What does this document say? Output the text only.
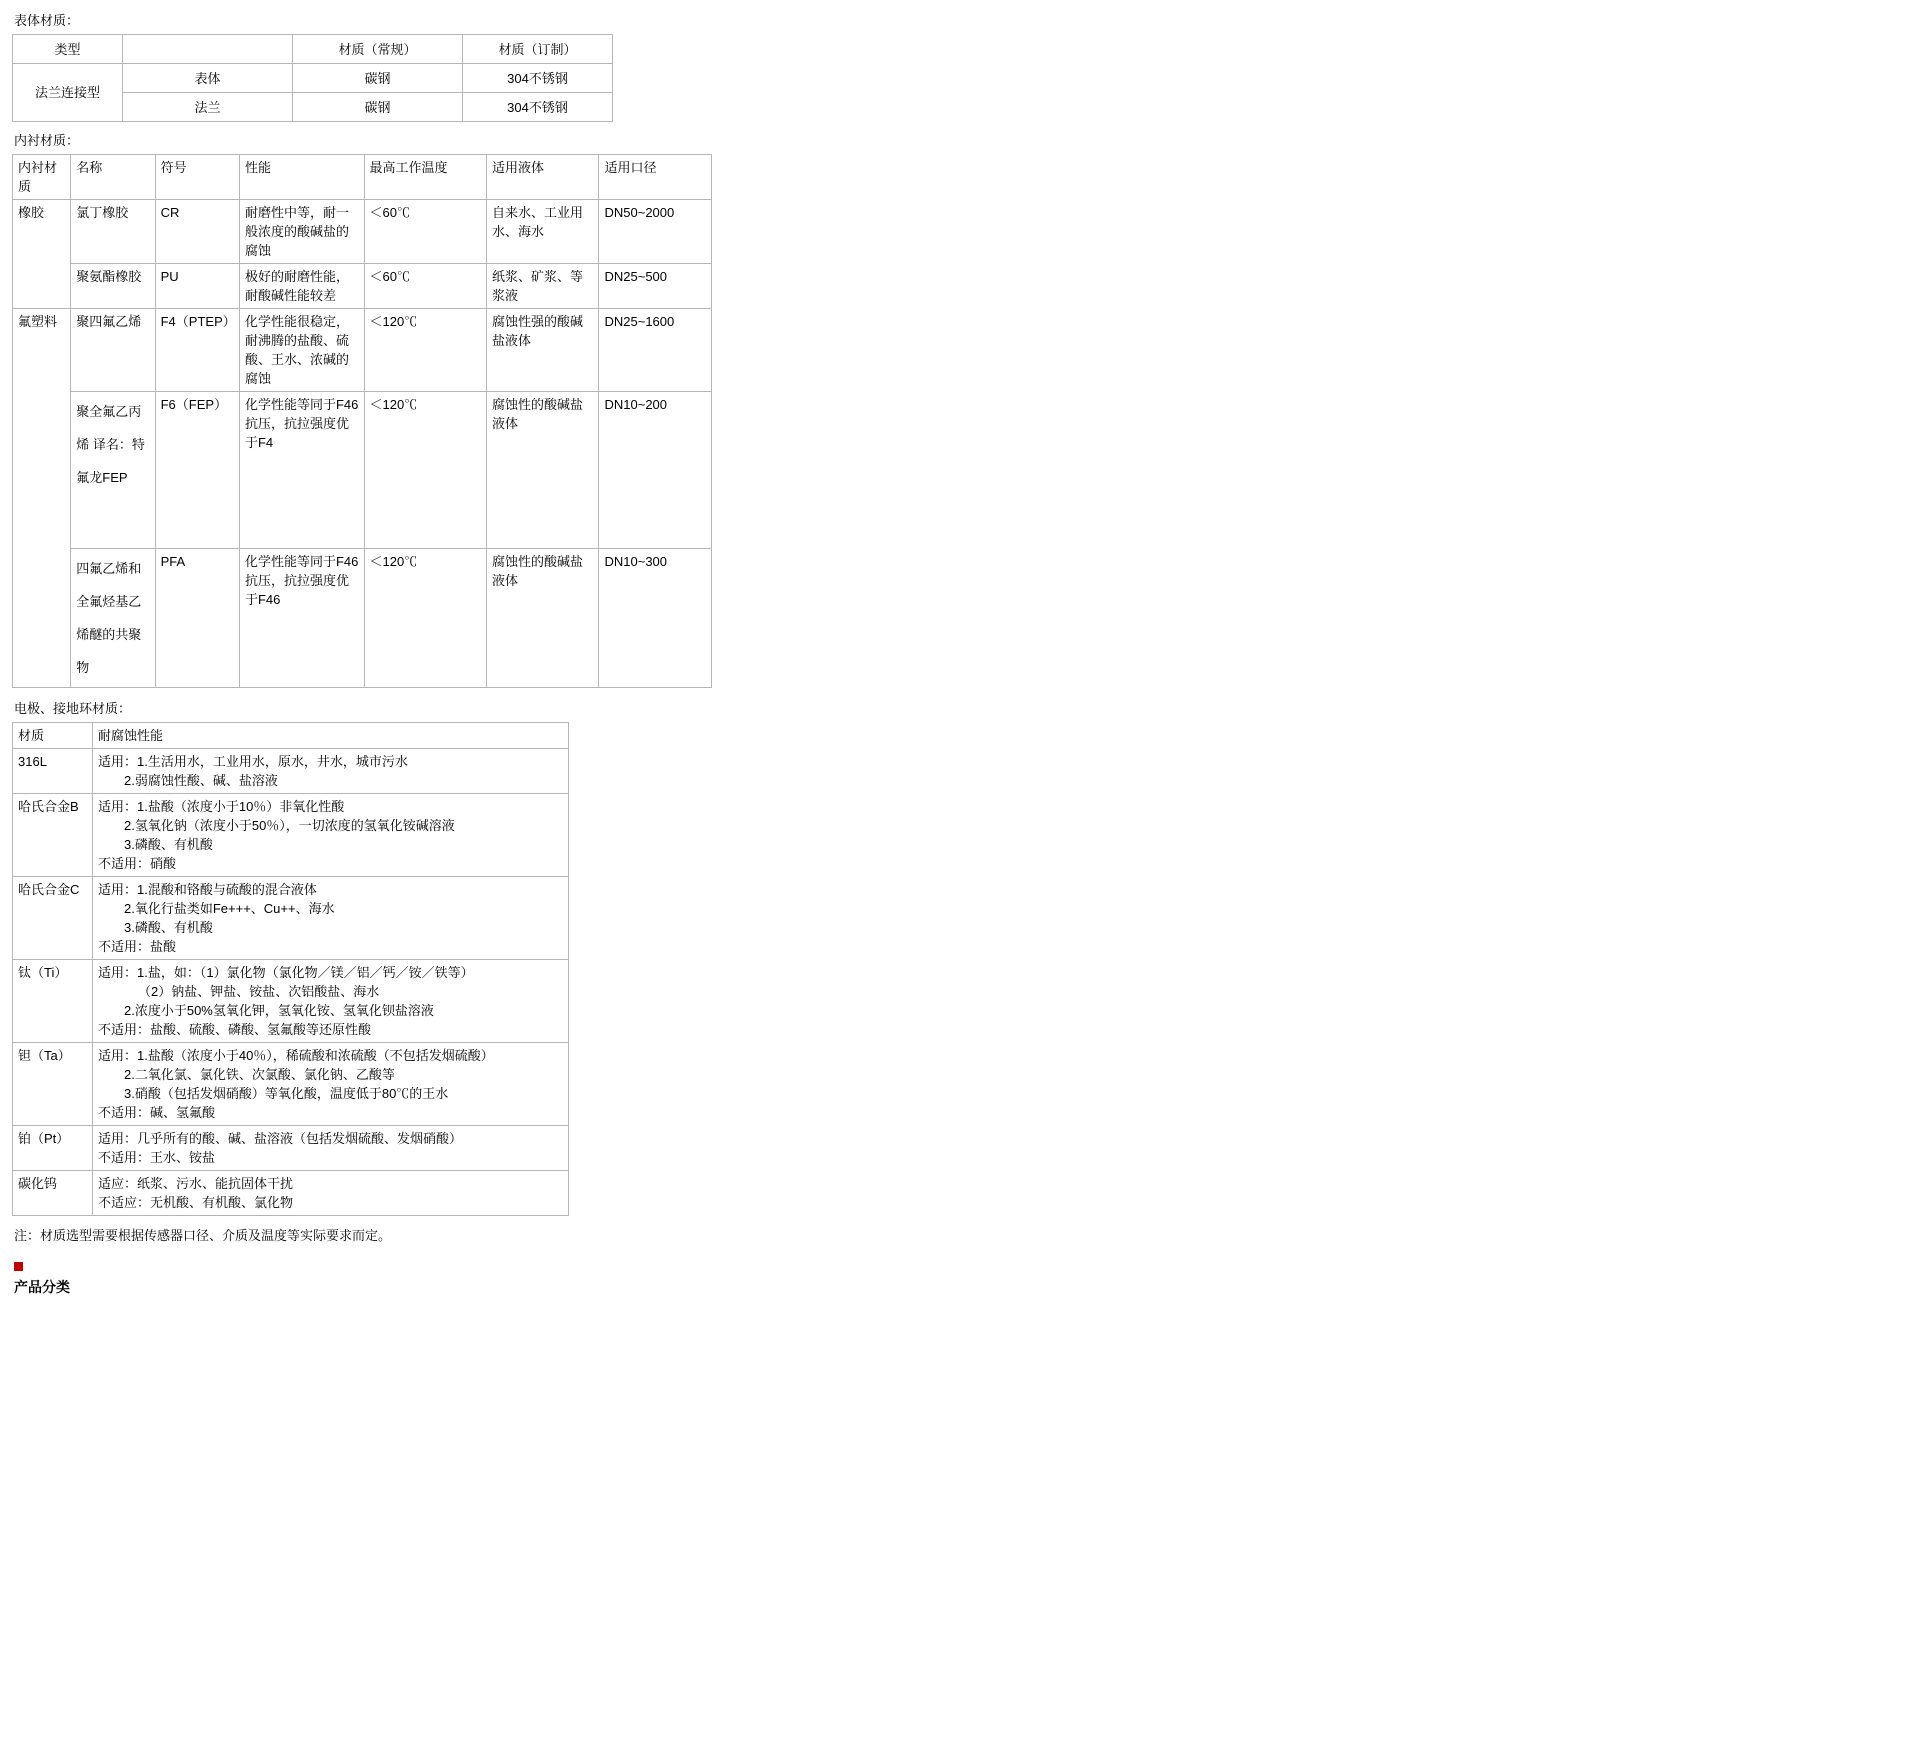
表体材质：
类型		材质（常规）	材质（订制）
法兰连接型	表体	碳钢	304不锈钢
	法兰	碳钢	304不锈钢
内衬材质：
内衬材质	名称	符号	性能	最高工作温度	适用液体	适用口径
橡胶	氯丁橡胶	CR	耐磨性中等，耐一般浓度的酸碱盐的腐蚀	＜60℃	自来水、工业用水、海水	DN50~2000
	聚氨酯橡胶	PU	极好的耐磨性能，耐酸碱性能较差	＜60℃	纸浆、矿浆、等浆液	DN25~500
氟塑料	聚四氟乙烯	F4（PTEP）	化学性能很稳定，耐沸腾的盐酸、硫酸、王水、浓碱的腐蚀	＜120℃	腐蚀性强的酸碱盐液体	DN25~1600
	聚全氟乙丙烯 译名：特氟龙FEP	F6（FEP）	化学性能等同于F46抗压，抗拉强度优于F4	＜120℃	腐蚀性的酸碱盐液体	DN10~200
	四氟乙烯和全氟烃基乙烯醚的共聚物	PFA	化学性能等同于F46抗压，抗拉强度优于F46	＜120℃	腐蚀性的酸碱盐液体	DN10~300
电极、接地环材质：
材质	耐腐蚀性能
316L	适用：1.生活用水，工业用水，原水，井水，城市污水
2.弱腐蚀性酸、碱、盐溶液

哈氏合金B	适用：1.盐酸（浓度小于10％）非氧化性酸
2.氢氧化钠（浓度小于50％），一切浓度的氢氧化铵碱溶液
3.磷酸、有机酸
不适用：硝酸

哈氏合金C	适用：1.混酸和铬酸与硫酸的混合液体
2.氧化行盐类如Fe+++、Cu++、海水
3.磷酸、有机酸
不适用：盐酸

钛（Ti）	适用：1.盐，如：（1）氯化物（氯化物／镁／铝／钙／铵／铁等）
（2）钠盐、钾盐、铵盐、次铝酸盐、海水
2.浓度小于50%氢氧化钾，氢氧化铵、氢氧化钡盐溶液
不适用：盐酸、硫酸、磷酸、氢氟酸等还原性酸

钽（Ta）	适用：1.盐酸（浓度小于40％），稀硫酸和浓硫酸（不包括发烟硫酸）
2.二氧化氯、氯化铁、次氯酸、氯化钠、乙酸等
3.硝酸（包括发烟硝酸）等氧化酸，温度低于80℃的王水
不适用：碱、氢氟酸

铂（Pt）	适用：几乎所有的酸、碱、盐溶液（包括发烟硫酸、发烟硝酸）
不适用：王水、铵盐

碳化钨	适应：纸浆、污水、能抗固体干扰
不适应：无机酸、有机酸、氯化物
注：材质选型需要根据传感器口径、介质及温度等实际要求而定。
产品分类
